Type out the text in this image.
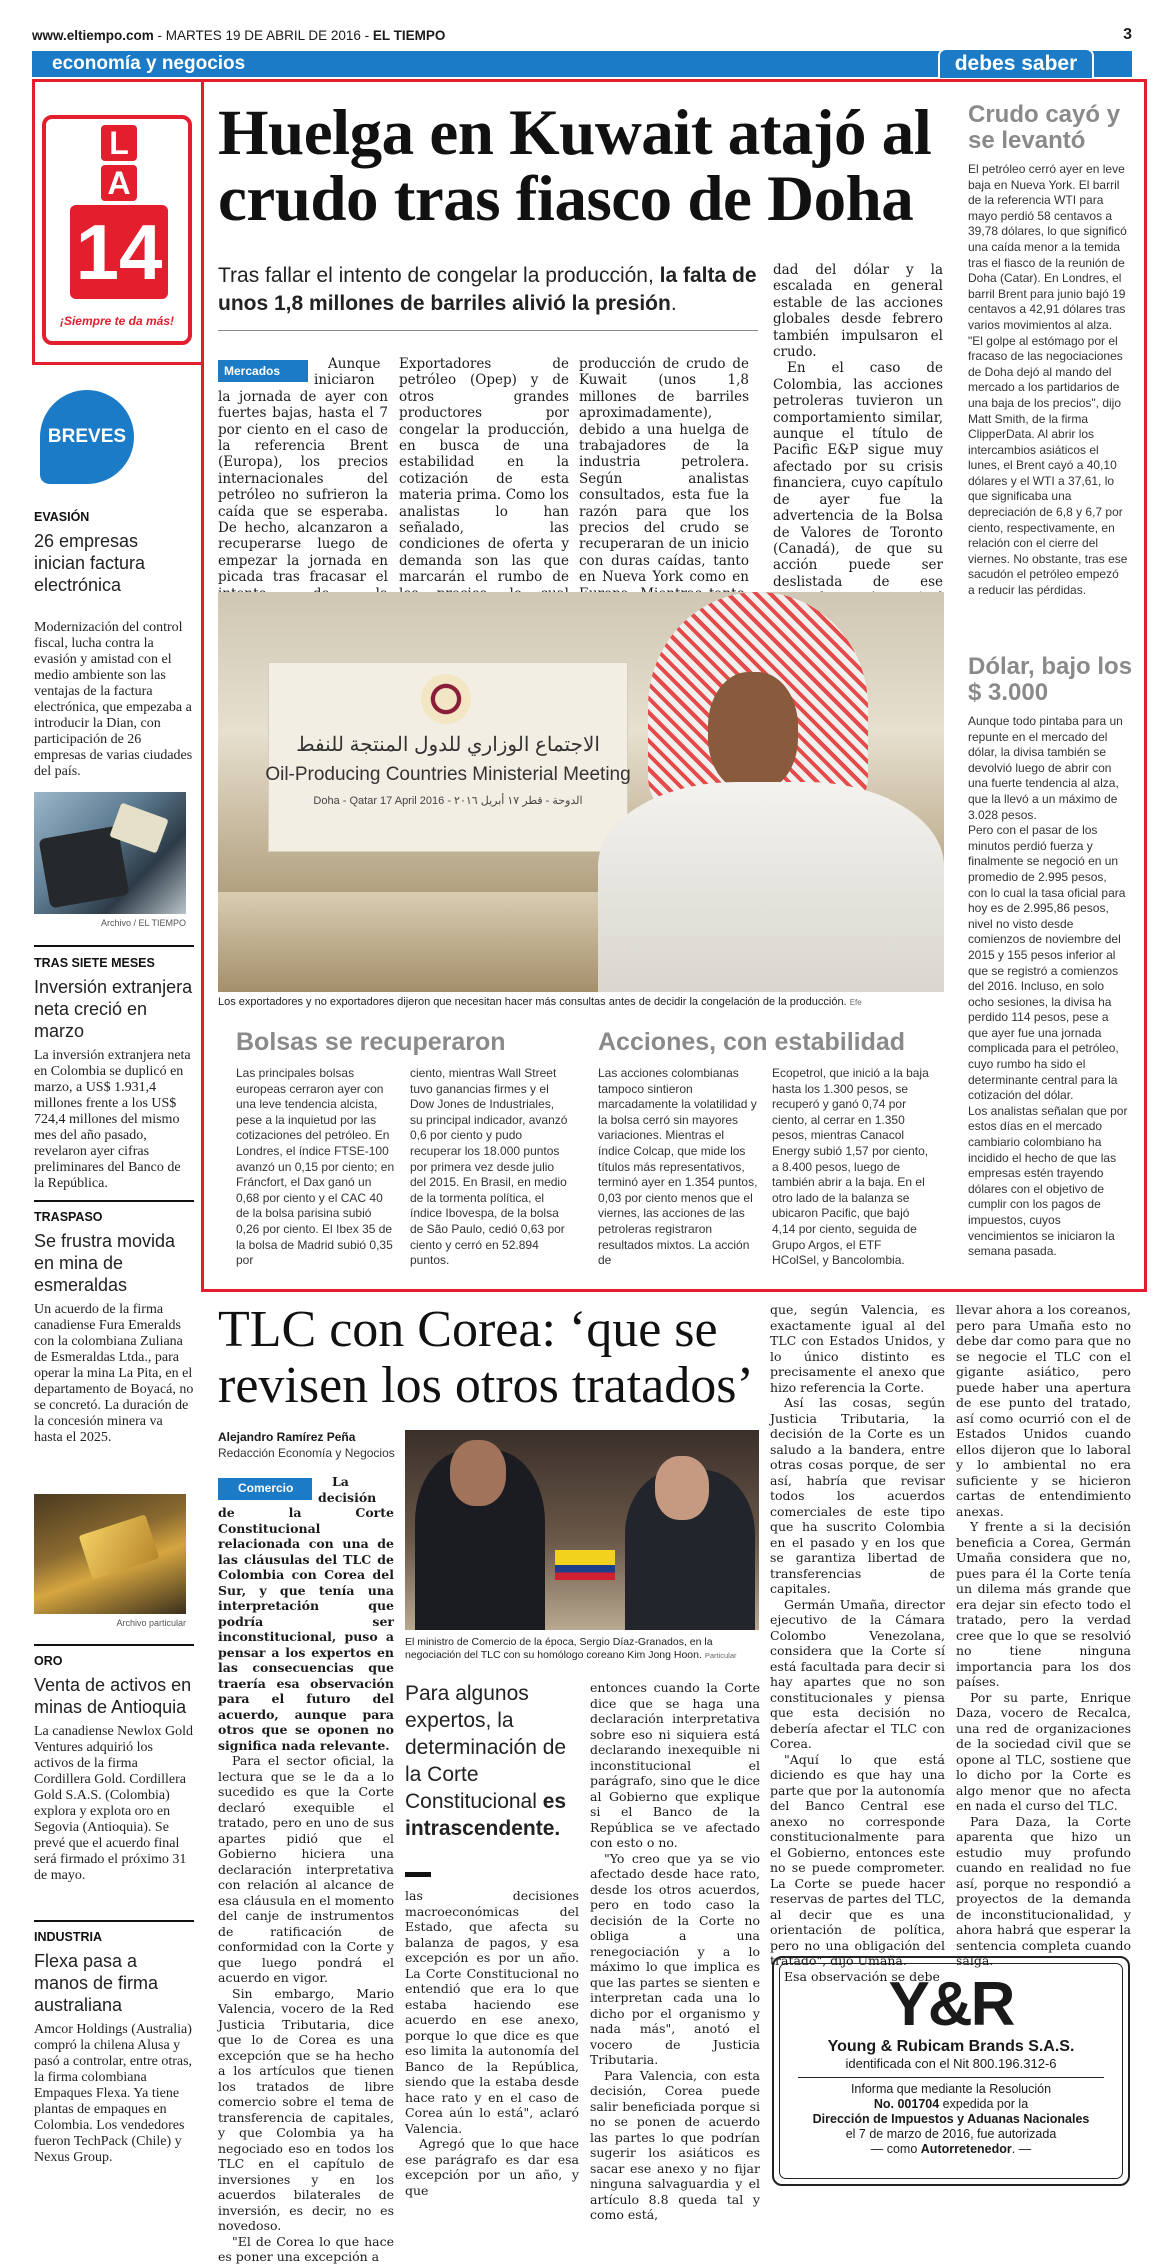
www.eltiempo.com - MARTES 19 DE ABRIL DE 2016 - EL TIEMPO	3
economía y negocios	debes saber
L
A
14
¡Siempre te da más!
BREVES
EVASIÓN
26 empresas inician factura electrónica
Modernización del control fiscal, lucha contra la evasión y amistad con el medio ambiente son las ventajas de la factura electrónica, que empezaba a introducir la Dian, con participación de 26 empresas de varias ciudades del país.
Archivo / EL TIEMPO
TRAS SIETE MESES
Inversión extranjera neta creció en marzo
La inversión extranjera neta en Colombia se duplicó en marzo, a US$ 1.931,4 millones frente a los US$ 724,4 millones del mismo mes del año pasado, revelaron ayer cifras preliminares del Banco de la República.
TRASPASO
Se frustra movida en mina de esmeraldas
Un acuerdo de la firma canadiense Fura Emeralds con la colombiana Zuliana de Esmeraldas Ltda., para operar la mina La Pita, en el departamento de Boyacá, no se concretó. La duración de la concesión minera va hasta el 2025.
Archivo particular
ORO
Venta de activos en minas de Antioquia
La canadiense Newlox Gold Ventures adquirió los activos de la firma Cordillera Gold. Cordillera Gold S.A.S. (Colombia) explora y explota oro en Segovia (Antioquia). Se prevé que el acuerdo final será firmado el próximo 31 de mayo.
INDUSTRIA
Flexa pasa a manos de firma australiana
Amcor Holdings (Australia) compró la chilena Alusa y pasó a controlar, entre otras, la firma colombiana Empaques Flexa. Ya tiene plantas de empaques en Colombia. Los vendedores fueron TechPack (Chile) y Nexus Group.
Huelga en Kuwait atajó al crudo tras fiasco de Doha
Tras fallar el intento de congelar la producción, la falta de unos 1,8 millones de barriles alivió la presión.
Mercados	Aunque iniciaron la jornada de ayer con fuertes bajas, hasta el 7 por ciento en el caso de la referencia Brent (Europa), los precios internacionales del petróleo no sufrieron la caída que se esperaba. De hecho, alcanzaron a recuperarse luego de empezar la jornada en picada tras fracasar el

Exportadores de petróleo (Opep) y de otros grandes productores por congelar la producción, en busca de una estabilidad en la cotización de esta materia prima. Como los analistas lo han señalado, las condiciones de oferta y demanda son las que marcarán el rumbo de

producción de crudo de Kuwait (unos 1,8 millones de barriles aproximadamente), debido a una huelga de trabajadores de la industria petrolera. Según analistas consultados, esta fue la razón para que los precios del crudo se recuperaran de un inicio con duras caídas, tanto en Nueva York como en

dad del dólar y la escalada en general estable de las acciones globales desde febrero también impulsaron el crudo.

En el caso de Colombia, las acciones petroleras tuvieron un comportamiento similar, aunque el título de Pacific E&P sigue muy afectado por su crisis financiera, cuyo capítulo de ayer fue la advertencia de la Bolsa de Valores de Toronto (Canadá), de que su acción puede ser deslistada de ese

الاجتماع الوزاري للدول المنتجة للنفط
Oil-Producing Countries Ministerial Meeting
Doha - Qatar 17 April 2016 - الدوحة - قطر ١٧ أبريل ٢٠١٦
Los exportadores y no exportadores dijeron que necesitan hacer más consultas antes de decidir la congelación de la producción. Efe
Bolsas se recuperaron
Las principales bolsas europeas cerraron ayer con una leve tendencia alcista, pese a la inquietud por las cotizaciones del petróleo. En Londres, el índice FTSE-100 avanzó un 0,15 por ciento; en Fráncfort, el Dax ganó un 0,68 por ciento y el CAC 40 de la bolsa parisina subió 0,26 por ciento. El Ibex 35 de la bolsa de Madrid subió 0,35 por
ciento, mientras Wall Street tuvo ganancias firmes y el Dow Jones de Industriales, su principal indicador, avanzó 0,6 por ciento y pudo recuperar los 18.000 puntos por primera vez desde julio del 2015. En Brasil, en medio de la tormenta política, el índice Ibovespa, de la bolsa de São Paulo, cedió 0,63 por ciento y cerró en 52.894 puntos.
Acciones, con estabilidad
Las acciones colombianas tampoco sintieron marcadamente la volatilidad y la bolsa cerró sin mayores variaciones. Mientras el índice Colcap, que mide los títulos más representativos, terminó ayer en 1.354 puntos, 0,03 por ciento menos que el viernes, las acciones de las petroleras registraron resultados mixtos. La acción de
Ecopetrol, que inició a la baja hasta los 1.300 pesos, se recuperó y ganó 0,74 por ciento, al cerrar en 1.350 pesos, mientras Canacol Energy subió 1,57 por ciento, a 8.400 pesos, luego de también abrir a la baja. En el otro lado de la balanza se ubicaron Pacific, que bajó 4,14 por ciento, seguida de Grupo Argos, el ETF HColSel, y Bancolombia.
Crudo cayó y se levantó
El petróleo cerró ayer en leve baja en Nueva York. El barril de la referencia WTI para mayo perdió 58 centavos a 39,78 dólares, lo que significó una caída menor a la temida tras el fiasco de la reunión de Doha (Catar). En Londres, el barril Brent para junio bajó 19 centavos a 42,91 dólares tras varios movimientos al alza. "El golpe al estómago por el fracaso de las negociaciones de Doha dejó al mando del mercado a los partidarios de una baja de los precios", dijo Matt Smith, de la firma ClipperData. Al abrir los intercambios asiáticos el lunes, el Brent cayó a 40,10 dólares y el WTI a 37,61, lo que significaba una depreciación de 6,8 y 6,7 por ciento, respectivamente, en relación con el cierre del viernes. No obstante, tras ese sacudón el petróleo empezó a reducir las pérdidas.
Dólar, bajo los $ 3.000

Aunque todo pintaba para un repunte en el mercado del dólar, la divisa también se devolvió luego de abrir con una fuerte tendencia al alza, que la llevó a un máximo de 3.028 pesos.

Pero con el pasar de los minutos perdió fuerza y finalmente se negoció en un promedio de 2.995 pesos, con lo cual la tasa oficial para hoy es de 2.995,86 pesos, nivel no visto desde comienzos de noviembre del 2015 y 155 pesos inferior al que se registró a comienzos del 2016. Incluso, en solo ocho sesiones, la divisa ha perdido 114 pesos, pese a que ayer fue una jornada complicada para el petróleo, cuyo rumbo ha sido el determinante central para la cotización del dólar.

Los analistas señalan que por estos días en el mercado cambiario colombiano ha incidido el hecho de que las empresas estén trayendo dólares con el objetivo de cumplir con los pagos de impuestos, cuyos vencimientos se iniciaron la semana pasada.

TLC con Corea: ‘que se revisen los otros tratados’
Alejandro Ramírez Peña
Redacción Economía y Negocios

Comercio	La decisión de la Corte Constitucional relacionada con una de las cláusulas del TLC de Colombia con Corea del Sur, y que tenía una interpretación que podría ser inconstitucional, puso a pensar a los expertos en las consecuencias que traería esa observación para el futuro del acuerdo, aunque para otros que se oponen no significa nada relevante.

Para el sector oficial, la lectura que se le da a lo sucedido es que la Corte declaró exequible el tratado, pero en uno de sus apartes pidió que el Gobierno hiciera una declaración interpretativa con relación al alcance de esa cláusula en el momento del canje de instrumentos de ratificación de conformidad con la Corte y que luego pondrá el acuerdo en vigor.

Sin embargo, Mario Valencia, vocero de la Red Justicia Tributaria, dice que lo de Corea es una excepción que se ha hecho a los artículos que tienen los tratados de libre comercio sobre el tema de transferencia de capitales, y que Colombia ya ha negociado eso en todos los TLC en el capítulo de inversiones y en los acuerdos bilaterales de inversión, es decir, no es novedoso.

"El de Corea lo que hace es poner una excepción a

El ministro de Comercio de la época, Sergio Díaz-Granados, en la negociación del TLC con su homólogo coreano Kim Jong Hoon. Particular
Para algunos expertos, la determinación de la Corte Constitucional es intrascendente.

las decisiones macroeconómicas del Estado, que afecta su balanza de pagos, y esa excepción es por un año. La Corte Constitucional no entendió que era lo que estaba haciendo ese acuerdo en ese anexo, porque lo que dice es que eso limita la autonomía del Banco de la República, siendo que la estaba desde hace rato y en el caso de Corea aún lo está", aclaró Valencia.

Agregó que lo que hace ese parágrafo es dar esa excepción por un año, y que

entonces cuando la Corte dice que se haga una declaración interpretativa sobre eso ni siquiera está declarando inexequible ni inconstitucional el parágrafo, sino que le dice al Gobierno que explique si el Banco de la República se ve afectado con esto o no.

"Yo creo que ya se vio afectado desde hace rato, desde los otros acuerdos, pero en todo caso la decisión de la Corte no obliga a una renegociación y a lo máximo lo que implica es que las partes se sienten e interpretan cada una lo dicho por el organismo y nada más", anotó el vocero de Justicia Tributaria.

Para Valencia, con esta decisión, Corea puede salir beneficiada porque si no se ponen de acuerdo las partes lo que podrían sugerir los asiáticos es sacar ese anexo y no fijar ninguna salvaguardia y el artículo 8.8 queda tal y como está,

que, según Valencia, es exactamente igual al del TLC con Estados Unidos, y lo único distinto es precisamente el anexo que hizo referencia la Corte.

Así las cosas, según Justicia Tributaria, la decisión de la Corte es un saludo a la bandera, entre otras cosas porque, de ser así, habría que revisar todos los acuerdos comerciales de este tipo que ha suscrito Colombia en el pasado y en los que se garantiza libertad de transferencias de capitales.

Germán Umaña, director ejecutivo de la Cámara Colombo Venezolana, considera que la Corte sí está facultada para decir si hay apartes que no son constitucionales y piensa que esta decisión no debería afectar el TLC con Corea.

"Aquí lo que está diciendo es que hay una parte que por la autonomía del Banco Central ese anexo no corresponde constitucionalmente para el Gobierno, entonces este no se puede comprometer. La Corte se puede hacer reservas de partes del TLC, al decir que es una orientación de política, pero no una obligación del tratado", dijo Umaña.

Esa observación se debe

llevar ahora a los coreanos, pero para Umaña esto no debe dar como para que no se negocie el TLC con el gigante asiático, pero puede haber una apertura de ese punto del tratado, así como ocurrió con el de Estados Unidos cuando ellos dijeron que lo laboral y lo ambiental no era suficiente y se hicieron cartas de entendimiento anexas.

Y frente a si la decisión beneficia a Corea, Germán Umaña considera que no, pues para él la Corte tenía un dilema más grande que era dejar sin efecto todo el tratado, pero la verdad cree que lo que se resolvió no tiene ninguna importancia para los dos países.

Por su parte, Enrique Daza, vocero de Recalca, una red de organizaciones de la sociedad civil que se opone al TLC, sostiene que lo dicho por la Corte es algo menor que no afecta en nada el curso del TLC.

Para Daza, la Corte aparenta que hizo un estudio muy profundo cuando en realidad no fue así, porque no respondió a proyectos de la demanda de inconstitucionalidad, y ahora habrá que esperar la sentencia completa cuando salga.

Y&R
Young & Rubicam Brands S.A.S.
identificada con el Nit 800.196.312-6
Informa que mediante la Resolución
No. 001704 expedida por la
Dirección de Impuestos y Aduanas Nacionales
el 7 de marzo de 2016, fue autorizada
— como Autorretenedor. —
